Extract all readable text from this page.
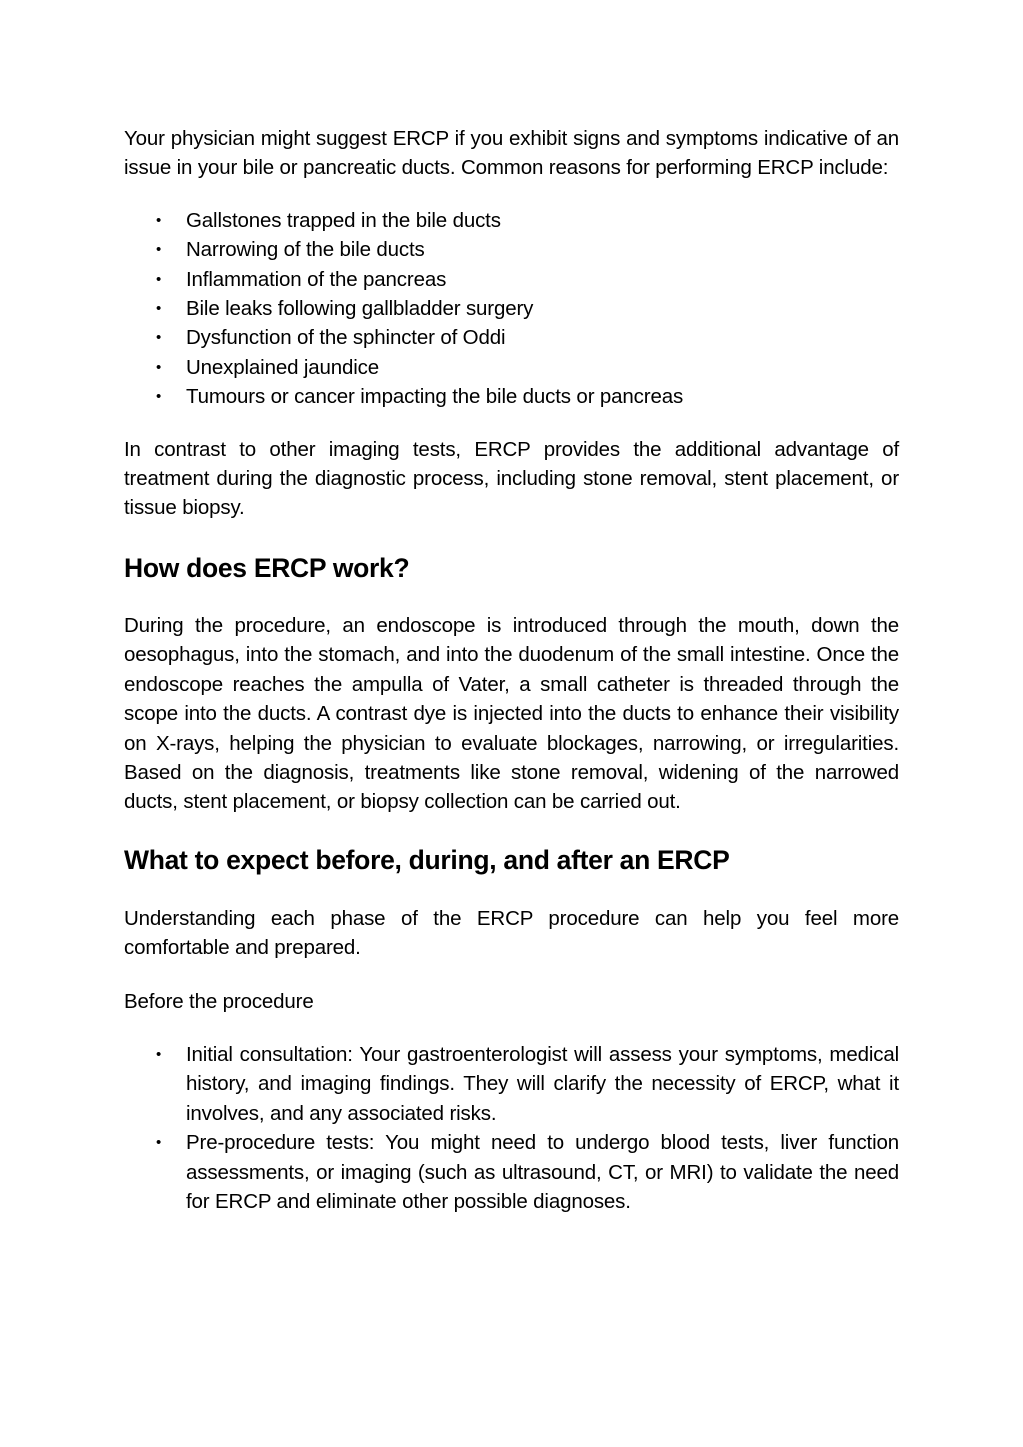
Your physician might suggest ERCP if you exhibit signs and symptoms indicative of an issue in your bile or pancreatic ducts. Common reasons for performing ERCP include:

• Gallstones trapped in the bile ducts
• Narrowing of the bile ducts
• Inflammation of the pancreas
• Bile leaks following gallbladder surgery
• Dysfunction of the sphincter of Oddi
• Unexplained jaundice
• Tumours or cancer impacting the bile ducts or pancreas

In contrast to other imaging tests, ERCP provides the additional advantage of treatment during the diagnostic process, including stone removal, stent placement, or tissue biopsy.

How does ERCP work?

During the procedure, an endoscope is introduced through the mouth, down the oesophagus, into the stomach, and into the duodenum of the small intestine. Once the endoscope reaches the ampulla of Vater, a small catheter is threaded through the scope into the ducts. A contrast dye is injected into the ducts to enhance their visibility on X-rays, helping the physician to evaluate blockages, narrowing, or irregularities. Based on the diagnosis, treatments like stone removal, widening of the narrowed ducts, stent placement, or biopsy collection can be carried out.

What to expect before, during, and after an ERCP

Understanding each phase of the ERCP procedure can help you feel more comfortable and prepared.

Before the procedure

• Initial consultation: Your gastroenterologist will assess your symptoms, medical history, and imaging findings. They will clarify the necessity of ERCP, what it involves, and any associated risks.
• Pre-procedure tests: You might need to undergo blood tests, liver function assessments, or imaging (such as ultrasound, CT, or MRI) to validate the need for ERCP and eliminate other possible diagnoses.
